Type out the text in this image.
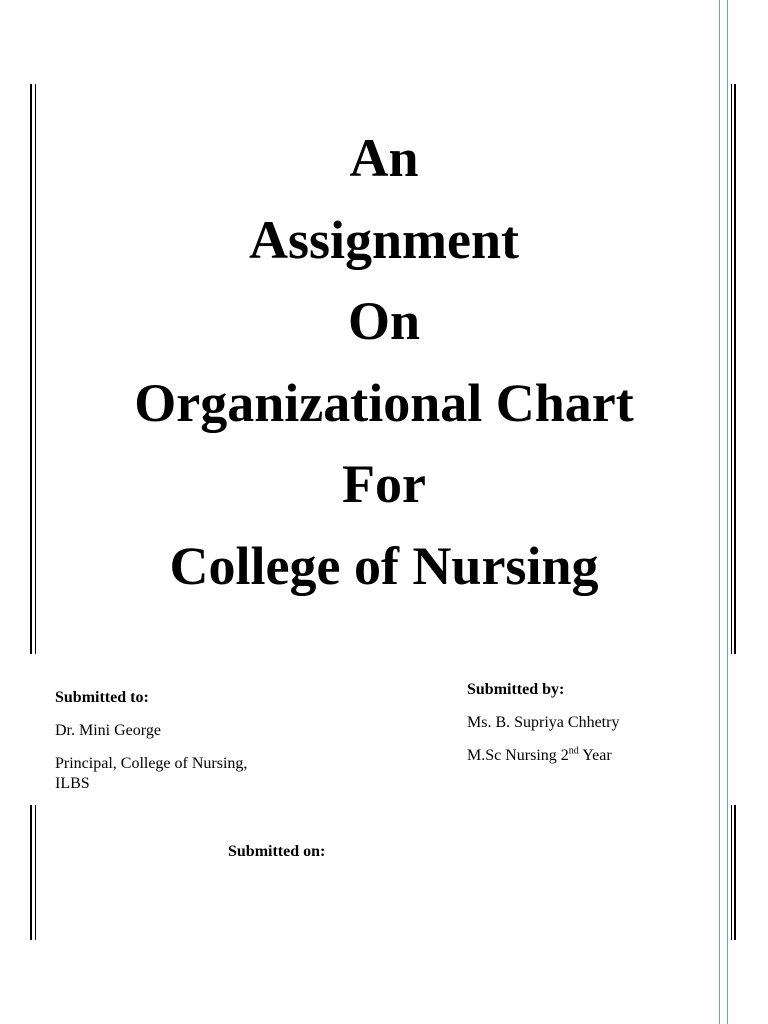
An
Assignment
On
Organizational Chart
For
College of Nursing
Submitted to:
Dr. Mini George
Principal, College of Nursing,
ILBS
Submitted by:
Ms. B. Supriya Chhetry
M.Sc Nursing 2nd Year
Submitted on:
